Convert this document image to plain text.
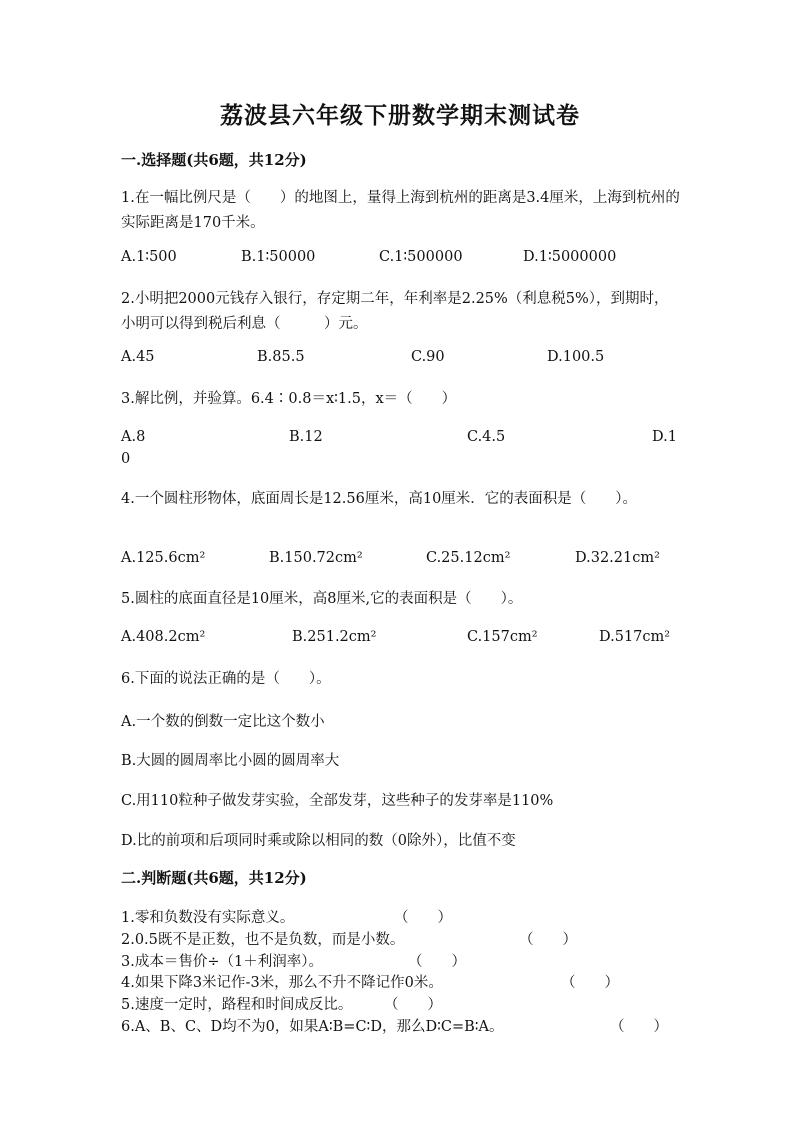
荔波县六年级下册数学期末测试卷
一.选择题(共6题，共12分)
1.在一幅比例尺是（　　）的地图上，量得上海到杭州的距离是3.4厘米，上海到杭州的实际距离是170千米。
A.1∶500	B.1∶50000	C.1∶500000	D.1∶5000000
2.小明把2000元钱存入银行，存定期二年，年利率是2.25%（利息税5%），到期时，小明可以得到税后利息（　　　）元。
A.45	B.85.5	C.90	D.100.5
3.解比例，并验算。6.4∶0.8＝x∶1.5，x＝（　　）
A.8	B.12	C.4.5	D.1
0
4.一个圆柱形物体，底面周长是12.56厘米，高10厘米．它的表面积是（　　）。
A.125.6cm²	B.150.72cm²	C.25.12cm²	D.32.21cm²
5.圆柱的底面直径是10厘米，高8厘米,它的表面积是（　　）。
A.408.2cm²	B.251.2cm²	C.157cm²	D.517cm²
6.下面的说法正确的是（　　）。
A.一个数的倒数一定比这个数小
B.大圆的圆周率比小圆的圆周率大
C.用110粒种子做发芽实验，全部发芽，这些种子的发芽率是110%
D.比的前项和后项同时乘或除以相同的数（0除外），比值不变
二.判断题(共6题，共12分)
1.零和负数没有实际意义。	（　　）
2.0.5既不是正数，也不是负数，而是小数。	（　　）
3.成本＝售价÷（1＋利润率）。	（　　）
4.如果下降3米记作-3米，那么不升不降记作0米。	（　　）
5.速度一定时，路程和时间成反比。 （　　）
6.A、B、C、D均不为0，如果A∶B=C∶D，那么D∶C=B∶A。	（　　）
